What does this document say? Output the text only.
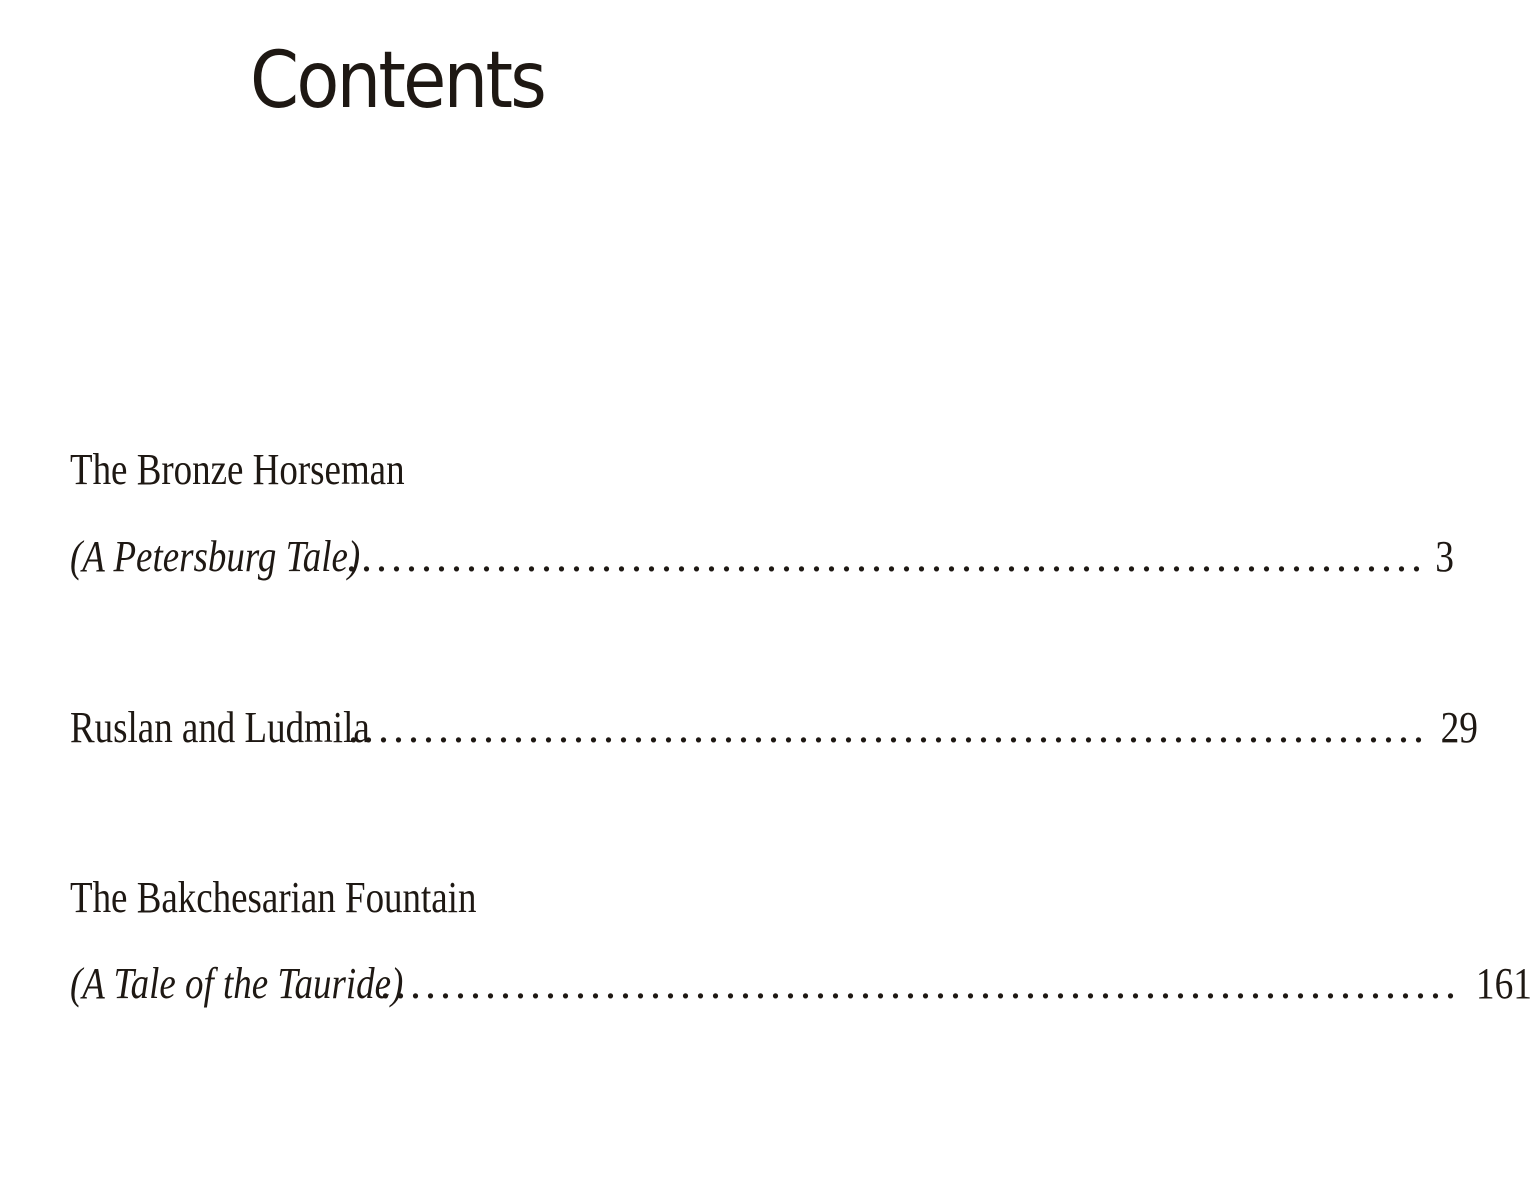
Contents
The Bronze Horseman
(A Petersburg Tale)
........................................................................ 3
Ruslan and Ludmila
........................................................................ 29
The Bakchesarian Fountain
(A Tale of the Tauride)
........................................................................ 161
